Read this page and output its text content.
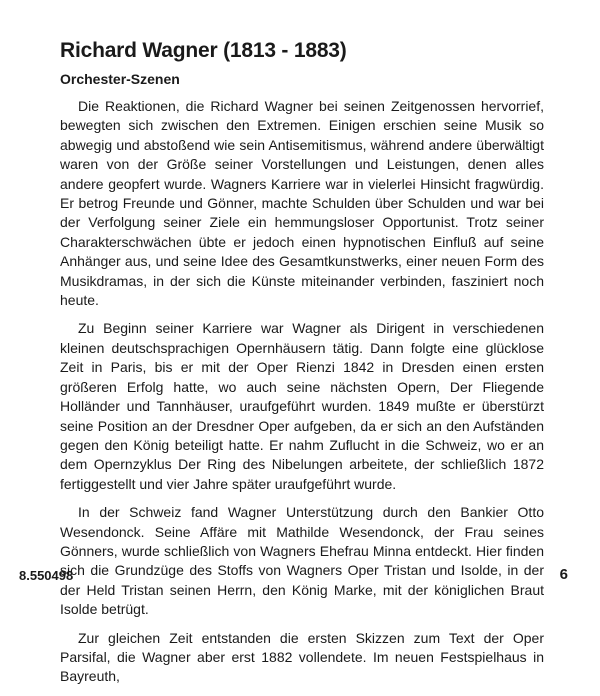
Richard Wagner (1813 - 1883)
Orchester-Szenen

Die Reaktionen, die Richard Wagner bei seinen Zeitgenossen hervorrief, bewegten sich zwischen den Extremen. Einigen erschien seine Musik so abwegig und abstoßend wie sein Antisemitismus, während andere überwältigt waren von der Größe seiner Vorstellungen und Leistungen, denen alles andere geopfert wurde. Wagners Karriere war in vielerlei Hinsicht fragwürdig. Er betrog Freunde und Gönner, machte Schulden über Schulden und war bei der Verfolgung seiner Ziele ein hemmungsloser Opportunist. Trotz seiner Charakterschwächen übte er jedoch einen hypnotischen Einfluß auf seine Anhänger aus, und seine Idee des Gesamtkunstwerks, einer neuen Form des Musikdramas, in der sich die Künste miteinander verbinden, fasziniert noch heute.

Zu Beginn seiner Karriere war Wagner als Dirigent in verschiedenen kleinen deutschsprachigen Opernhäusern tätig. Dann folgte eine glücklose Zeit in Paris, bis er mit der Oper Rienzi 1842 in Dresden einen ersten größeren Erfolg hatte, wo auch seine nächsten Opern, Der Fliegende Holländer und Tannhäuser, uraufgeführt wurden. 1849 mußte er überstürzt seine Position an der Dresdner Oper aufgeben, da er sich an den Aufständen gegen den König beteiligt hatte. Er nahm Zuflucht in die Schweiz, wo er an dem Opernzyklus Der Ring des Nibelungen arbeitete, der schließlich 1872 fertiggestellt und vier Jahre später uraufgeführt wurde.

In der Schweiz fand Wagner Unterstützung durch den Bankier Otto Wesendonck. Seine Affäre mit Mathilde Wesendonck, der Frau seines Gönners, wurde schließlich von Wagners Ehefrau Minna entdeckt. Hier finden sich die Grundzüge des Stoffs von Wagners Oper Tristan und Isolde, in der der Held Tristan seinen Herrn, den König Marke, mit der königlichen Braut Isolde betrügt.

Zur gleichen Zeit entstanden die ersten Skizzen zum Text der Oper Parsifal, die Wagner aber erst 1882 vollendete. Im neuen Festspielhaus in Bayreuth,

8.550498	6
